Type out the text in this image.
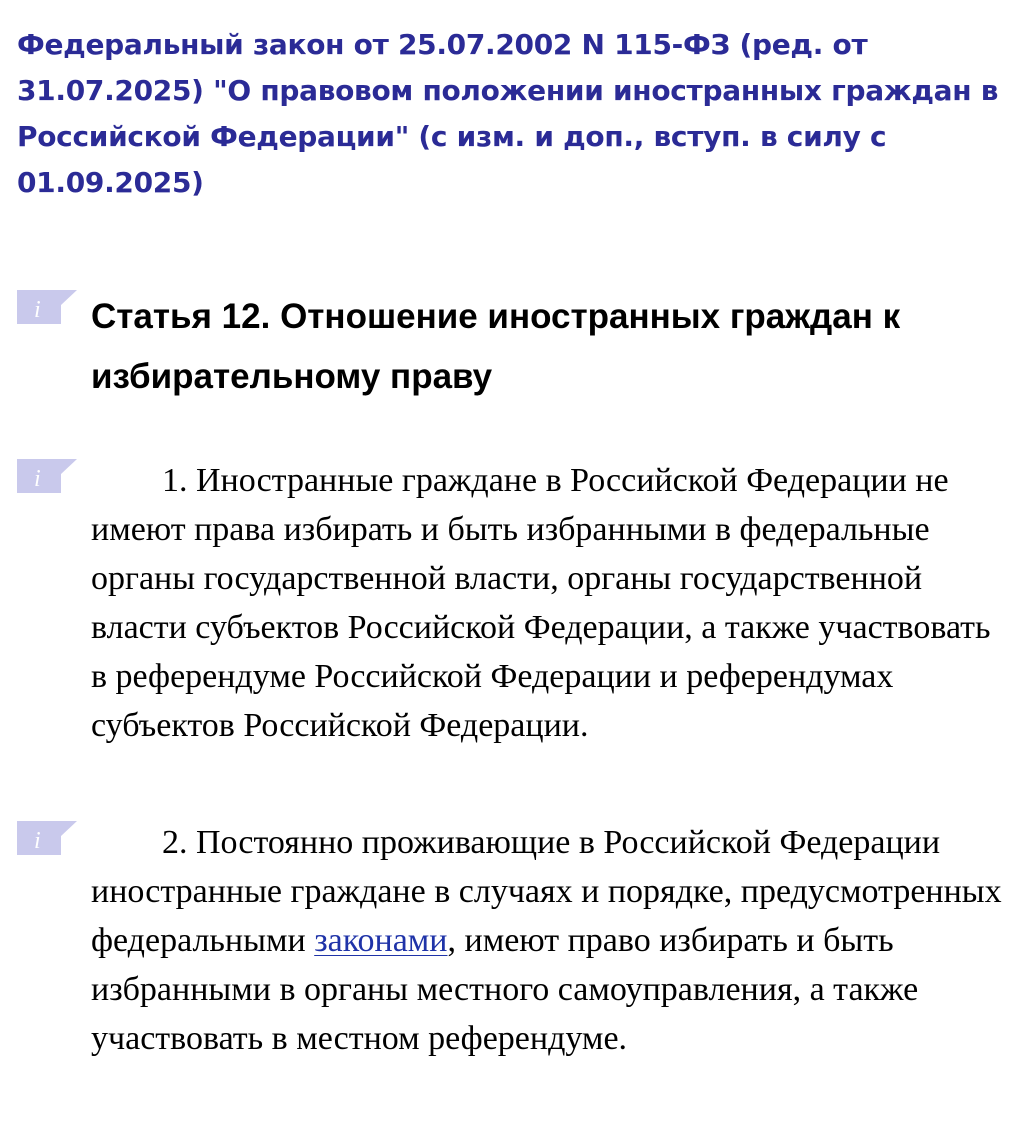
Федеральный закон от 25.07.2002 N 115-ФЗ (ред. от 31.07.2025) "О правовом положении иностранных граждан в Российской Федерации" (с изм. и доп., вступ. в силу с 01.09.2025)
i Статья 12. Отношение иностранных граждан к избирательному праву
i	1. Иностранные граждане в Российской Федерации не имеют права избирать и быть избранными в федеральные органы государственной власти, органы государственной власти субъектов Российской Федерации, а также участвовать в референдуме Российской Федерации и референдумах субъектов Российской Федерации.

i	2. Постоянно проживающие в Российской Федерации иностранные граждане в случаях и порядке, предусмотренных федеральными законами, имеют право избирать и быть избранными в органы местного самоуправления, а также участвовать в местном референдуме.
